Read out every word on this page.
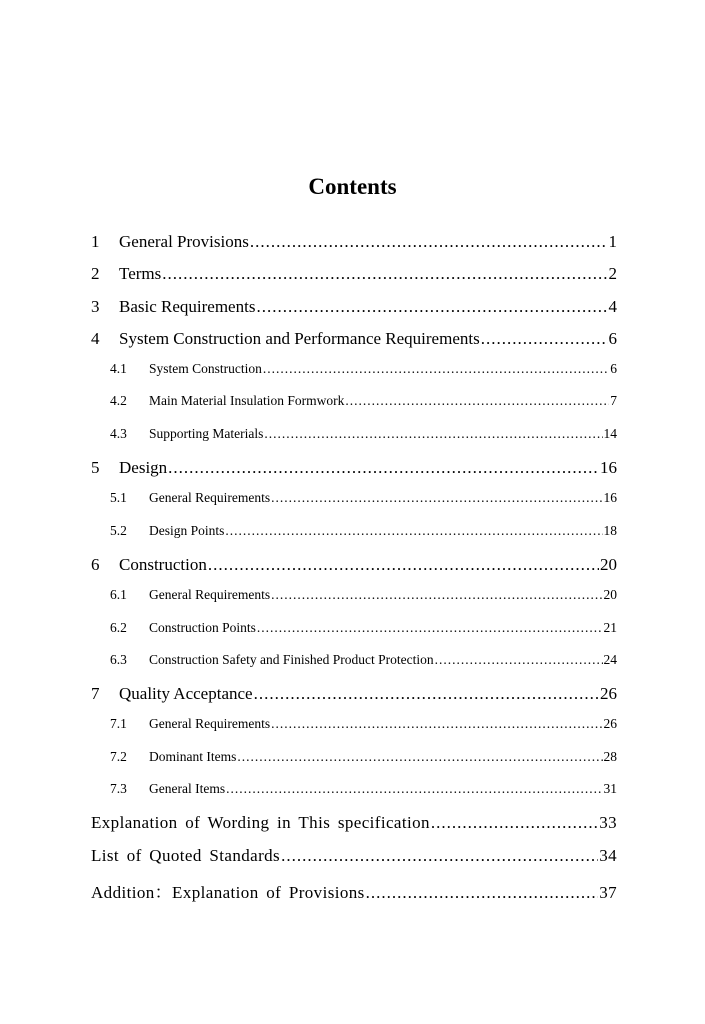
Contents
1	General Provisions .....	1
2	Terms .....	2
3	Basic Requirements .....	4
4	System Construction and Performance Requirements .....	6
4.1	System Construction .....	6
4.2	Main Material Insulation Formwork .....	7
4.3	Supporting Materials .....	14
5	Design .....	16
5.1	General Requirements .....	16
5.2	Design Points .....	18
6	Construction .....	20
6.1	General Requirements .....	20
6.2	Construction Points .....	21
6.3	Construction Safety and Finished Product Protection .....	24
7	Quality Acceptance .....	26
7.1	General Requirements .....	26
7.2	Dominant Items .....	28
7.3	General Items .....	31
Explanation of Wording in This specification .....	33
List of Quoted Standards .....	34
Addition：Explanation of Provisions .....	37
